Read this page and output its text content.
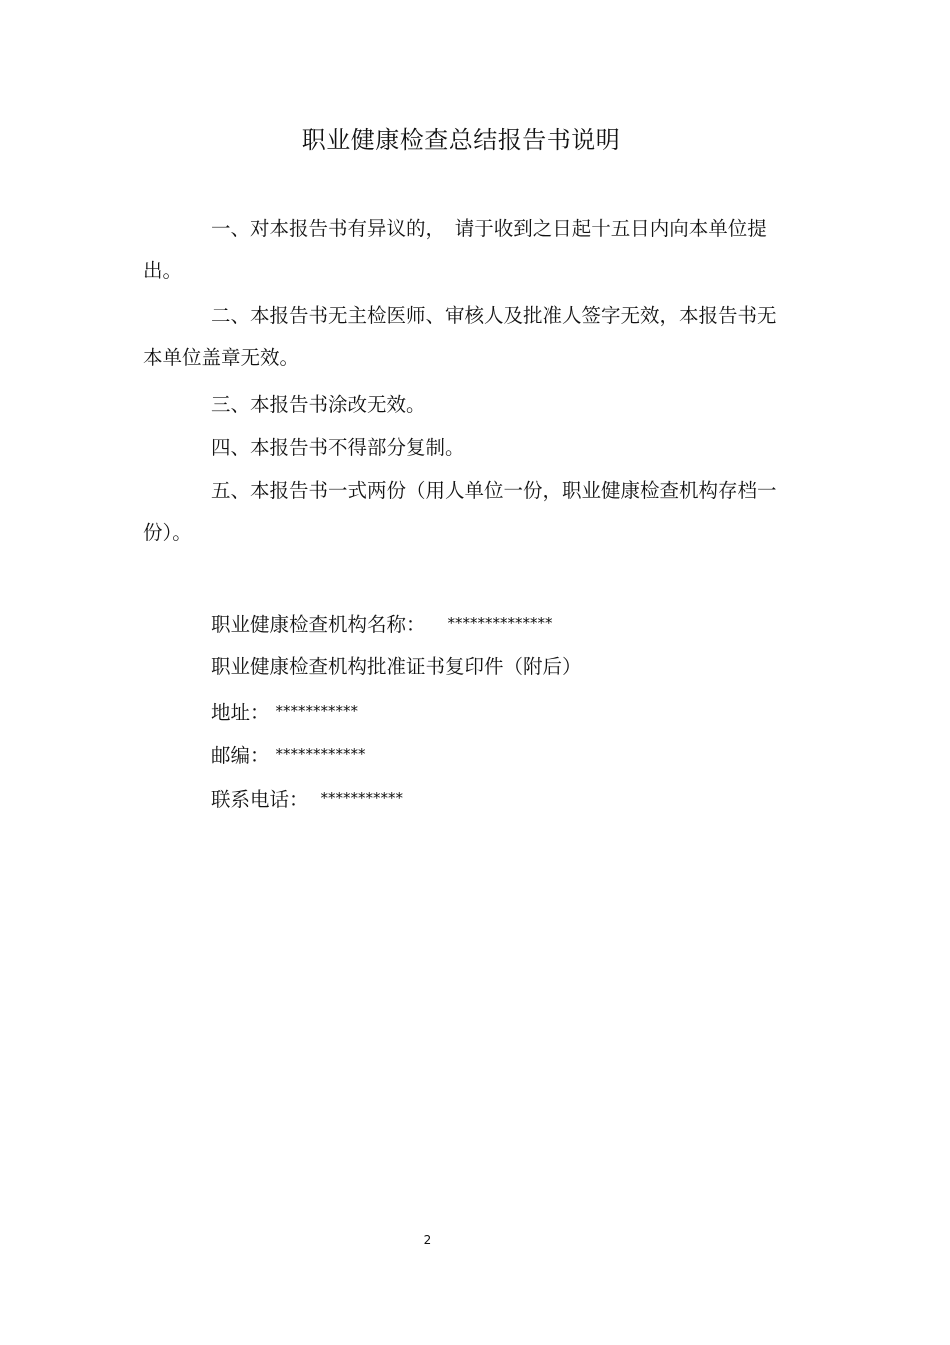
职业健康检查总结报告书说明

一、对本报告书有异议的，　请于收到之日起十五日内向本单位提出。

二、本报告书无主检医师、审核人及批准人签字无效，本报告书无本单位盖章无效。

三、本报告书涂改无效。

四、本报告书不得部分复制。

五、本报告书一式两份（用人单位一份，职业健康检查机构存档一份）。

职业健康检查机构名称： **************
职业健康检查机构批准证书复印件（附后）
地址： ***********
邮编： ************
联系电话： ***********
2
